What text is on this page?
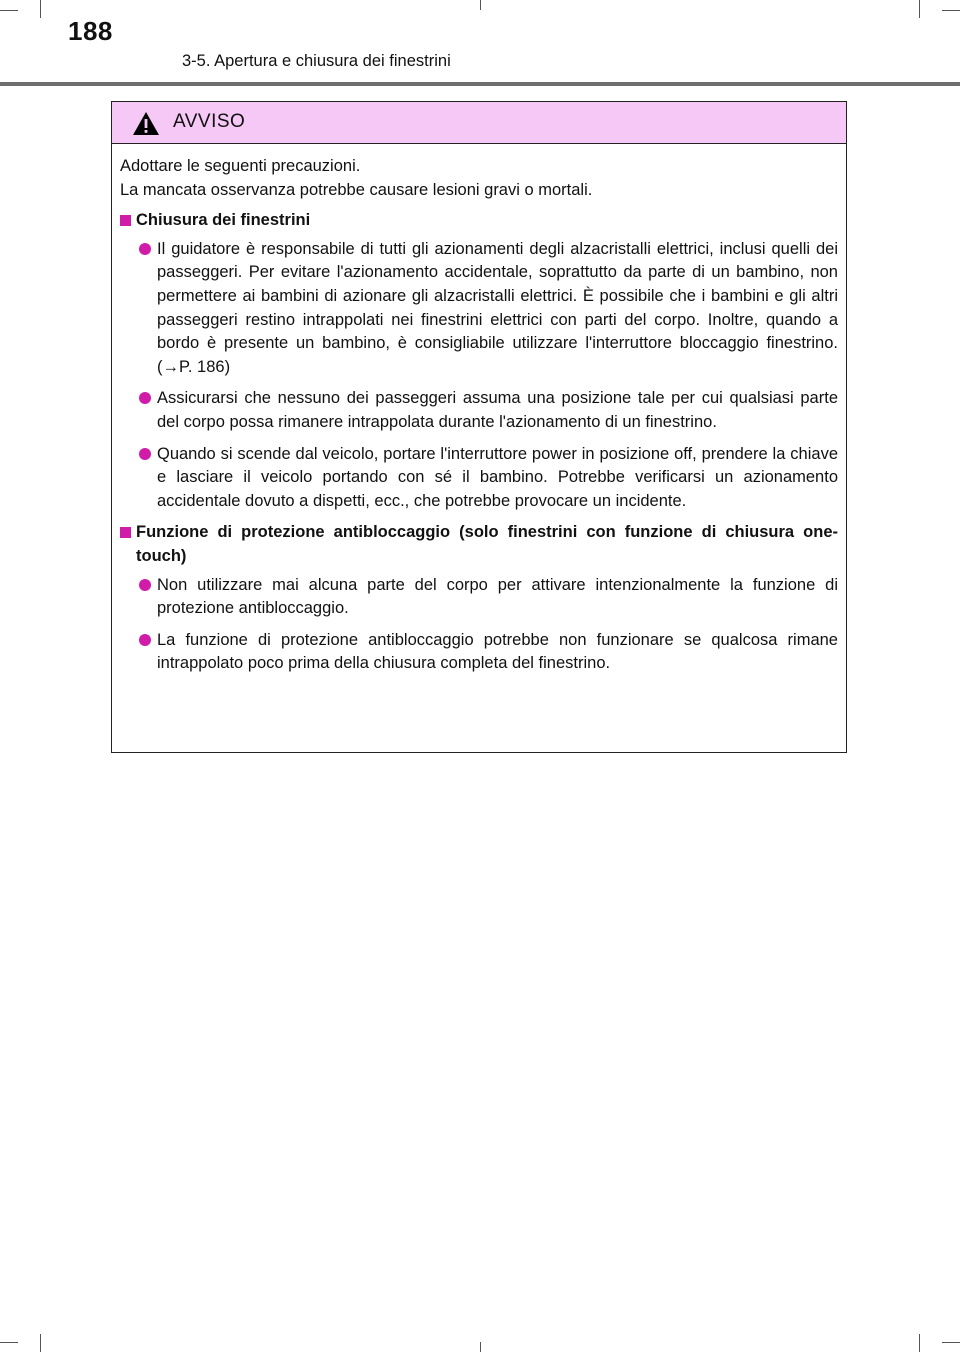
188
3-5. Apertura e chiusura dei finestrini
AVVISO

Adottare le seguenti precauzioni.

La mancata osservanza potrebbe causare lesioni gravi o mortali.

Chiusura dei finestrini
Il guidatore è responsabile di tutti gli azionamenti degli alzacristalli elettrici, inclusi quelli dei passeggeri. Per evitare l'azionamento accidentale, soprattutto da parte di un bambino, non permettere ai bambini di azionare gli alzacristalli elettrici. È possibile che i bambini e gli altri passeggeri restino intrappolati nei finestrini elettrici con parti del corpo. Inoltre, quando a bordo è presente un bambino, è consigliabile utilizzare l'interruttore bloccaggio finestrino. (→P. 186)
Assicurarsi che nessuno dei passeggeri assuma una posizione tale per cui qualsiasi parte del corpo possa rimanere intrappolata durante l'azionamento di un finestrino.
Quando si scende dal veicolo, portare l'interruttore power in posizione off, prendere la chiave e lasciare il veicolo portando con sé il bambino. Potrebbe verificarsi un azionamento accidentale dovuto a dispetti, ecc., che potrebbe provocare un incidente.
Funzione di protezione antibloccaggio (solo finestrini con funzione di chiusura one-touch)
Non utilizzare mai alcuna parte del corpo per attivare intenzionalmente la funzione di protezione antibloccaggio.
La funzione di protezione antibloccaggio potrebbe non funzionare se qualcosa rimane intrappolato poco prima della chiusura completa del finestrino.
